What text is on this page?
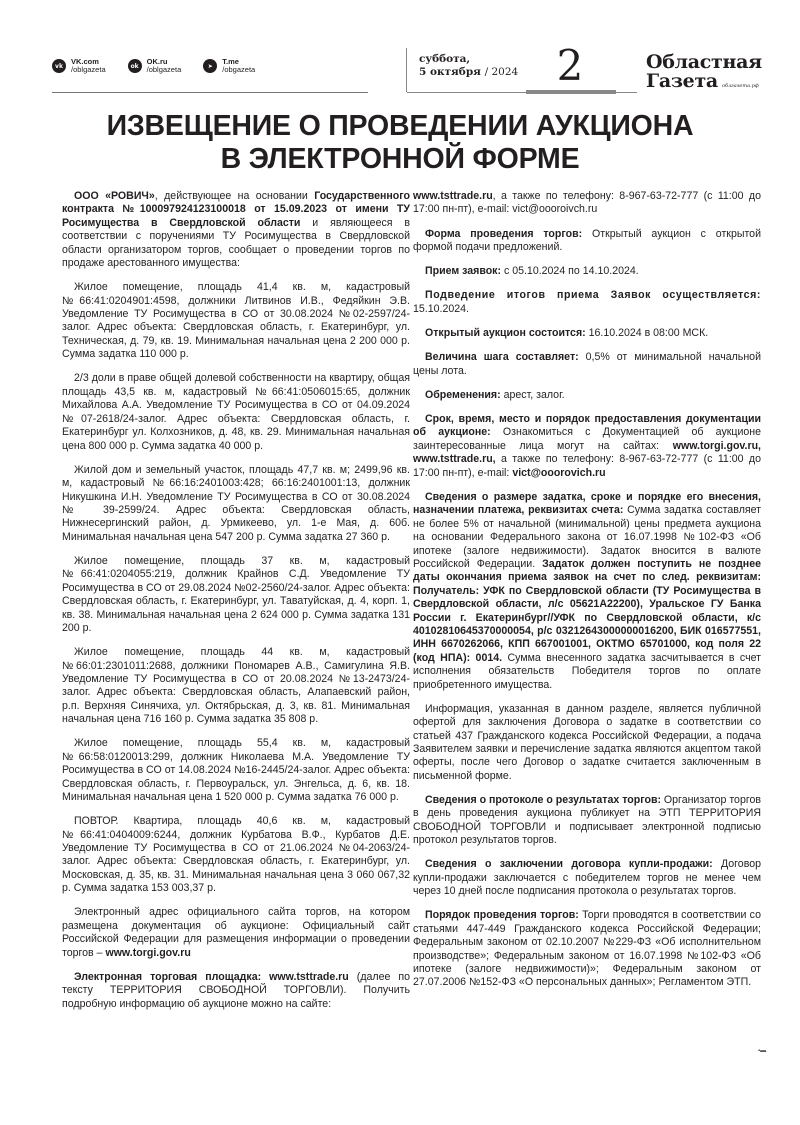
vk	VK.com
/oblgazeta	ok	OK.ru
/oblgazeta	➤	T.me
/obgazeta
суббота,
5 октября / 2024 2	Областная
Газета облгазета.рф
ИЗВЕЩЕНИЕ О ПРОВЕДЕНИИ АУКЦИОНА
В ЭЛЕКТРОННОЙ ФОРМЕ

ООО «РОВИЧ», действующее на основании Государственного контракта №100097924123100018 от 15.09.2023 от имени ТУ Росимущества в Свердловской области и являющееся в соответствии с поручениями ТУ Росимущества в Свердловской области организатором торгов, сообщает о проведении торгов по продаже арестованного имущества:

Жилое помещение, площадь 41,4 кв. м, кадастровый №66:41:0204901:4598, должники Литвинов И.В., Федяйкин Э.В. Уведомление ТУ Росимущества в СО от 30.08.2024 №02-2597/24-залог. Адрес объекта: Свердловская область, г. Екатеринбург, ул. Техническая, д. 79, кв. 19. Минимальная начальная цена 2 200 000 р. Сумма задатка 110 000 р.

2/3 доли в праве общей долевой собственности на квартиру, общая площадь 43,5 кв. м, кадастровый №66:41:0506015:65, должник Михайлова А.А. Уведомление ТУ Росимущества в СО от 04.09.2024 №07-2618/24-залог. Адрес объекта: Свердловская область, г. Екатеринбург ул. Колхозников, д. 48, кв. 29. Минимальная начальная цена 800 000 р. Сумма задатка 40 000 р.

Жилой дом и земельный участок, площадь 47,7 кв. м; 2499,96 кв. м, кадастровый №66:16:2401003:428; 66:16:2401001:13, должник Никушкина И.Н. Уведомление ТУ Росимущества в СО от 30.08.2024 № 39-2599/24. Адрес объекта: Свердловская область, Нижнесергинский район, д. Урмикеево, ул. 1-е Мая, д. 60б. Минимальная начальная цена 547 200 р. Сумма задатка 27 360 р.

Жилое помещение, площадь 37 кв. м, кадастровый №66:41:0204055:219, должник Крайнов С.Д. Уведомление ТУ Росимущества в СО от 29.08.2024 №02-2560/24-залог. Адрес объекта: Свердловская область, г. Екатеринбург, ул. Таватуйская, д. 4, корп. 1, кв. 38. Минимальная начальная цена 2 624 000 р. Сумма задатка 131 200 р.

Жилое помещение, площадь 44 кв. м, кадастровый №66:01:2301011:2688, должники Пономарев А.В., Самигулина Я.В. Уведомление ТУ Росимущества в СО от 20.08.2024 №13-2473/24-залог. Адрес объекта: Свердловская область, Алапаевский район, р.п. Верхняя Синячиха, ул. Октябрьская, д. 3, кв. 81. Минимальная начальная цена 716 160 р. Сумма задатка 35 808 р.

Жилое помещение, площадь 55,4 кв. м, кадастровый №66:58:0120013:299, должник Николаева М.А. Уведомление ТУ Росимущества в СО от 14.08.2024 №16-2445/24-залог. Адрес объекта: Свердловская область, г. Первоуральск, ул. Энгельса, д. 6, кв. 18. Минимальная начальная цена 1 520 000 р. Сумма задатка 76 000 р.

ПОВТОР. Квартира, площадь 40,6 кв. м, кадастровый №66:41:0404009:6244, должник Курбатова В.Ф., Курбатов Д.Е. Уведомление ТУ Росимущества в СО от 21.06.2024 №04-2063/24-залог. Адрес объекта: Свердловская область, г. Екатеринбург, ул. Московская, д. 35, кв. 31. Минимальная начальная цена 3 060 067,32 р. Сумма задатка 153 003,37 р.

Электронный адрес официального сайта торгов, на котором размещена документация об аукционе: Официальный сайт Российской Федерации для размещения информации о проведении торгов – www.torgi.gov.ru

Электронная торговая площадка: www.tsttrade.ru (далее по тексту ТЕРРИТОРИЯ СВОБОДНОЙ ТОРГОВЛИ). Получить подробную информацию об аукционе можно на сайте:

www.tsttrade.ru, а также по телефону: 8-967-63-72-777 (с 11:00 до 17:00 пн-пт), e-mail: vict@oooroivch.ru

Форма проведения торгов: Открытый аукцион с открытой формой подачи предложений.

Прием заявок: с 05.10.2024 по 14.10.2024.

Подведение итогов приема Заявок осуществляется: 15.10.2024.

Открытый аукцион состоится: 16.10.2024 в 08:00 МСК.

Величина шага составляет: 0,5% от минимальной начальной цены лота.

Обременения: арест, залог.

Срок, время, место и порядок предоставления документации об аукционе: Ознакомиться с Документацией об аукционе заинтересованные лица могут на сайтах: www.torgi.gov.ru, www.tsttrade.ru, а также по телефону: 8-967-63-72-777 (с 11:00 до 17:00 пн-пт), e-mail: vict@ooorovich.ru

Сведения о размере задатка, сроке и порядке его внесения, назначении платежа, реквизитах счета: Сумма задатка составляет не более 5% от начальной (минимальной) цены предмета аукциона на основании Федерального закона от 16.07.1998 №102-ФЗ «Об ипотеке (залоге недвижимости). Задаток вносится в валюте Российской Федерации. Задаток должен поступить не позднее даты окончания приема заявок на счет по след. реквизитам: Получатель: УФК по Свердловской области (ТУ Росимущества в Свердловской области, л/с 05621А22200), Уральское ГУ Банка России г. Екатеринбург//УФК по Свердловской области, к/с 40102810645370000054, р/с 03212643000000016200, БИК 016577551, ИНН 6670262066, КПП 667001001, ОКТМО 65701000, код поля 22 (код НПА): 0014. Сумма внесенного задатка засчитывается в счет исполнения обязательств Победителя торгов по оплате приобретенного имущества.

Информация, указанная в данном разделе, является публичной офертой для заключения Договора о задатке в соответствии со статьей 437 Гражданского кодекса Российской Федерации, а подача Заявителем заявки и перечисление задатка являются акцептом такой оферты, после чего Договор о задатке считается заключенным в письменной форме.

Сведения о протоколе о результатах торгов: Организатор торгов в день проведения аукциона публикует на ЭТП ТЕРРИТОРИЯ СВОБОДНОЙ ТОРГОВЛИ и подписывает электронной подписью протокол результатов торгов.

Сведения о заключении договора купли-продажи: Договор купли-продажи заключается с победителем торгов не менее чем через 10 дней после подписания протокола о результатах торгов.

Порядок проведения торгов: Торги проводятся в соответствии со статьями 447-449 Гражданского кодекса Российской Федерации; Федеральным законом от 02.10.2007 №229-ФЗ «Об исполнительном производстве»; Федеральным законом от 16.07.1998 №102-ФЗ «Об ипотеке (залоге недвижимости)»; Федеральным законом от 27.07.2006 №152-ФЗ «О персональных данных»; Регламентом ЭТП.

▪▬
